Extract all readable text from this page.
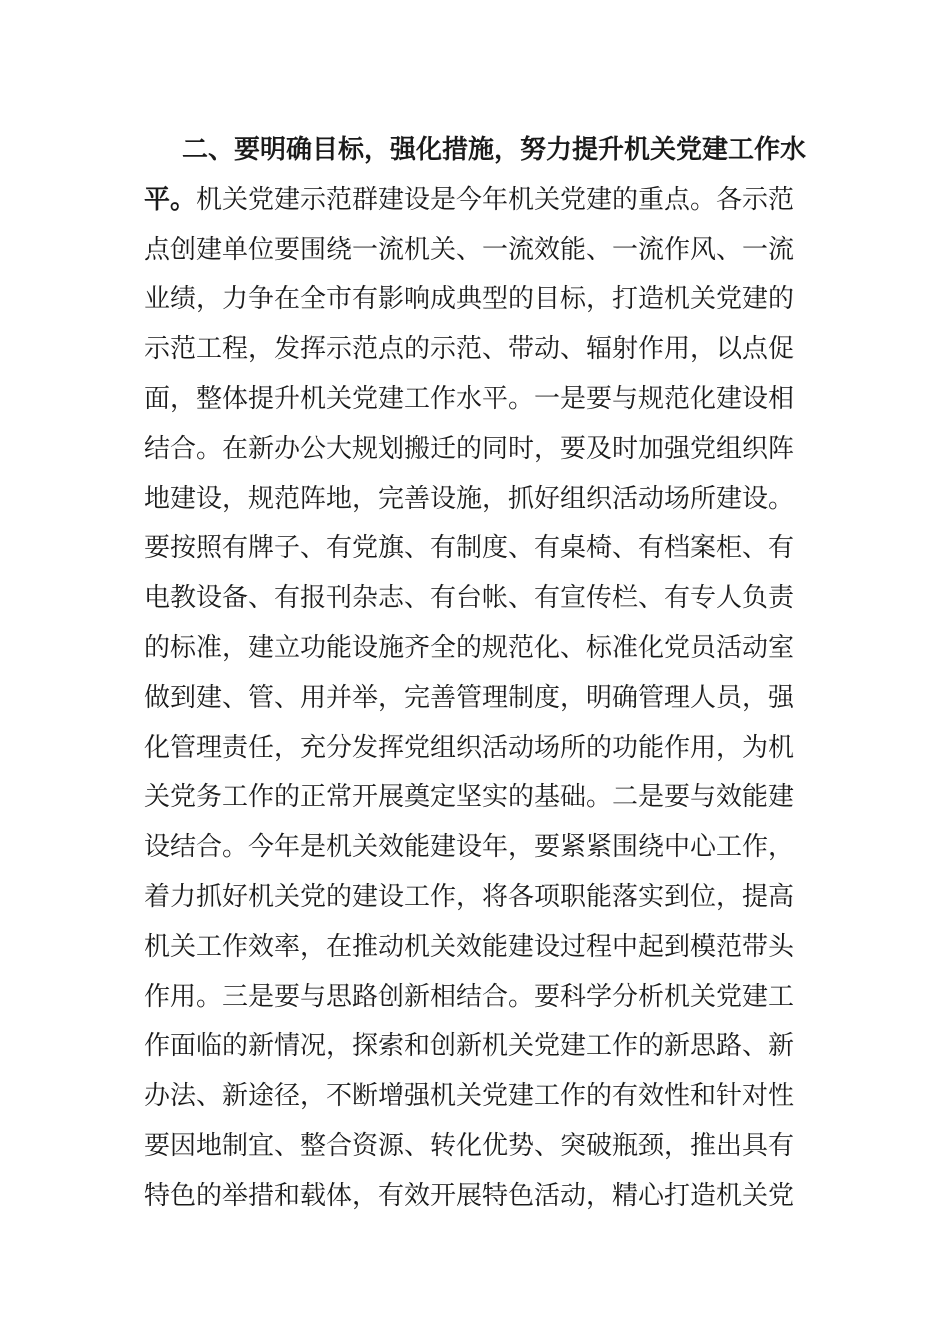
二、要明确目标，强化措施，努力提升机关党建工作水
平。机关党建示范群建设是今年机关党建的重点。各示范
点创建单位要围绕一流机关、一流效能、一流作风、一流
业绩，力争在全市有影响成典型的目标，打造机关党建的
示范工程，发挥示范点的示范、带动、辐射作用，以点促
面，整体提升机关党建工作水平。一是要与规范化建设相
结合。在新办公大规划搬迁的同时，要及时加强党组织阵
地建设，规范阵地，完善设施，抓好组织活动场所建设。
要按照有牌子、有党旗、有制度、有桌椅、有档案柜、有
电教设备、有报刊杂志、有台帐、有宣传栏、有专人负责
的标准，建立功能设施齐全的规范化、标准化党员活动室
做到建、管、用并举，完善管理制度，明确管理人员，强
化管理责任，充分发挥党组织活动场所的功能作用，为机
关党务工作的正常开展奠定坚实的基础。二是要与效能建
设结合。今年是机关效能建设年，要紧紧围绕中心工作，
着力抓好机关党的建设工作，将各项职能落实到位，提高
机关工作效率，在推动机关效能建设过程中起到模范带头
作用。三是要与思路创新相结合。要科学分析机关党建工
作面临的新情况，探索和创新机关党建工作的新思路、新
办法、新途径，不断增强机关党建工作的有效性和针对性
要因地制宜、整合资源、转化优势、突破瓶颈，推出具有
特色的举措和载体，有效开展特色活动，精心打造机关党
